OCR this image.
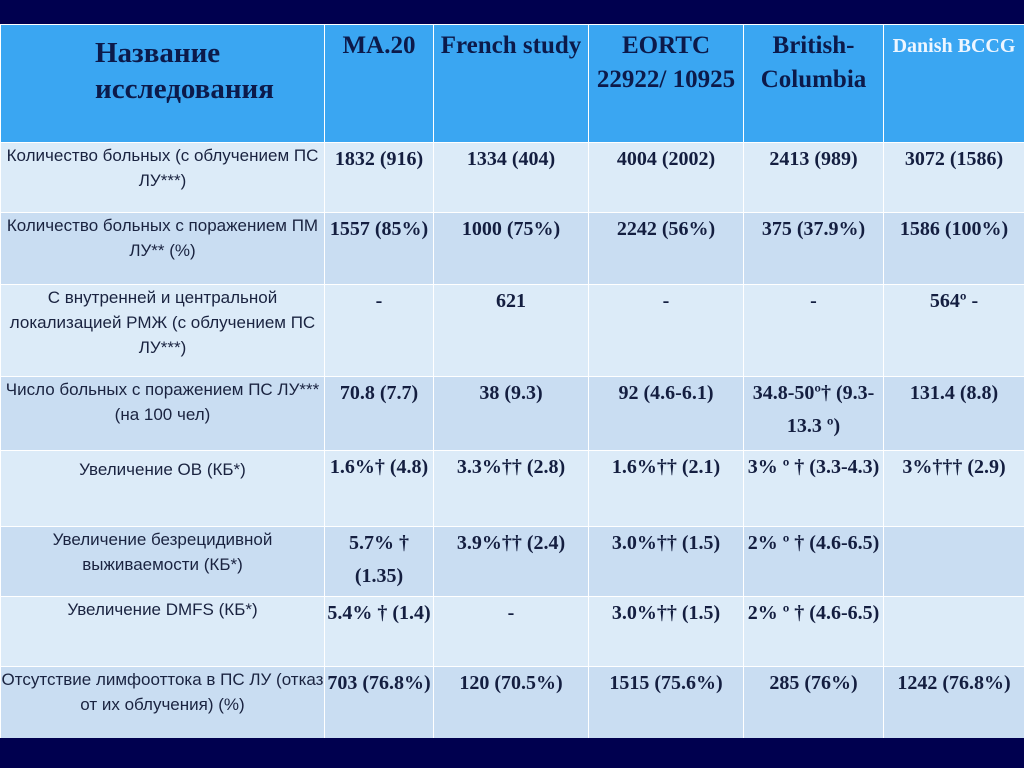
Название исследования	MA.20	French study	EORTC 22922/ 10925	British-Columbia	Danish BCCG
Количество больных (с облучением ПС ЛУ***)	1832 (916)	1334 (404)	4004 (2002)	2413 (989)	3072 (1586)
Количество больных с поражением ПМ ЛУ** (%)	1557 (85%)	1000 (75%)	2242 (56%)	375 (37.9%)	1586 (100%)
С внутренней и центральной локализацией РМЖ (с облучением ПС ЛУ***)	-	621	-	-	564º -
Число больных с поражением ПС ЛУ*** (на 100 чел)	70.8 (7.7)	38 (9.3)	92 (4.6-6.1)	34.8-50º† (9.3-13.3 º)	131.4 (8.8)
Увеличение ОВ (КБ*)	1.6%† (4.8)	3.3%†† (2.8)	1.6%†† (2.1)	3% º † (3.3-4.3)	3%††† (2.9)
Увеличение безрецидивной выживаемости (КБ*)	5.7% † (1.35)	3.9%†† (2.4)	3.0%†† (1.5)	2% º † (4.6-6.5)	
Увеличение DMFS (КБ*)	5.4% † (1.4)	-	3.0%†† (1.5)	2% º † (4.6-6.5)	
Отсутствие лимфооттока в ПС ЛУ (отказ от их облучения) (%)	703 (76.8%)	120 (70.5%)	1515 (75.6%)	285 (76%)	1242 (76.8%)
